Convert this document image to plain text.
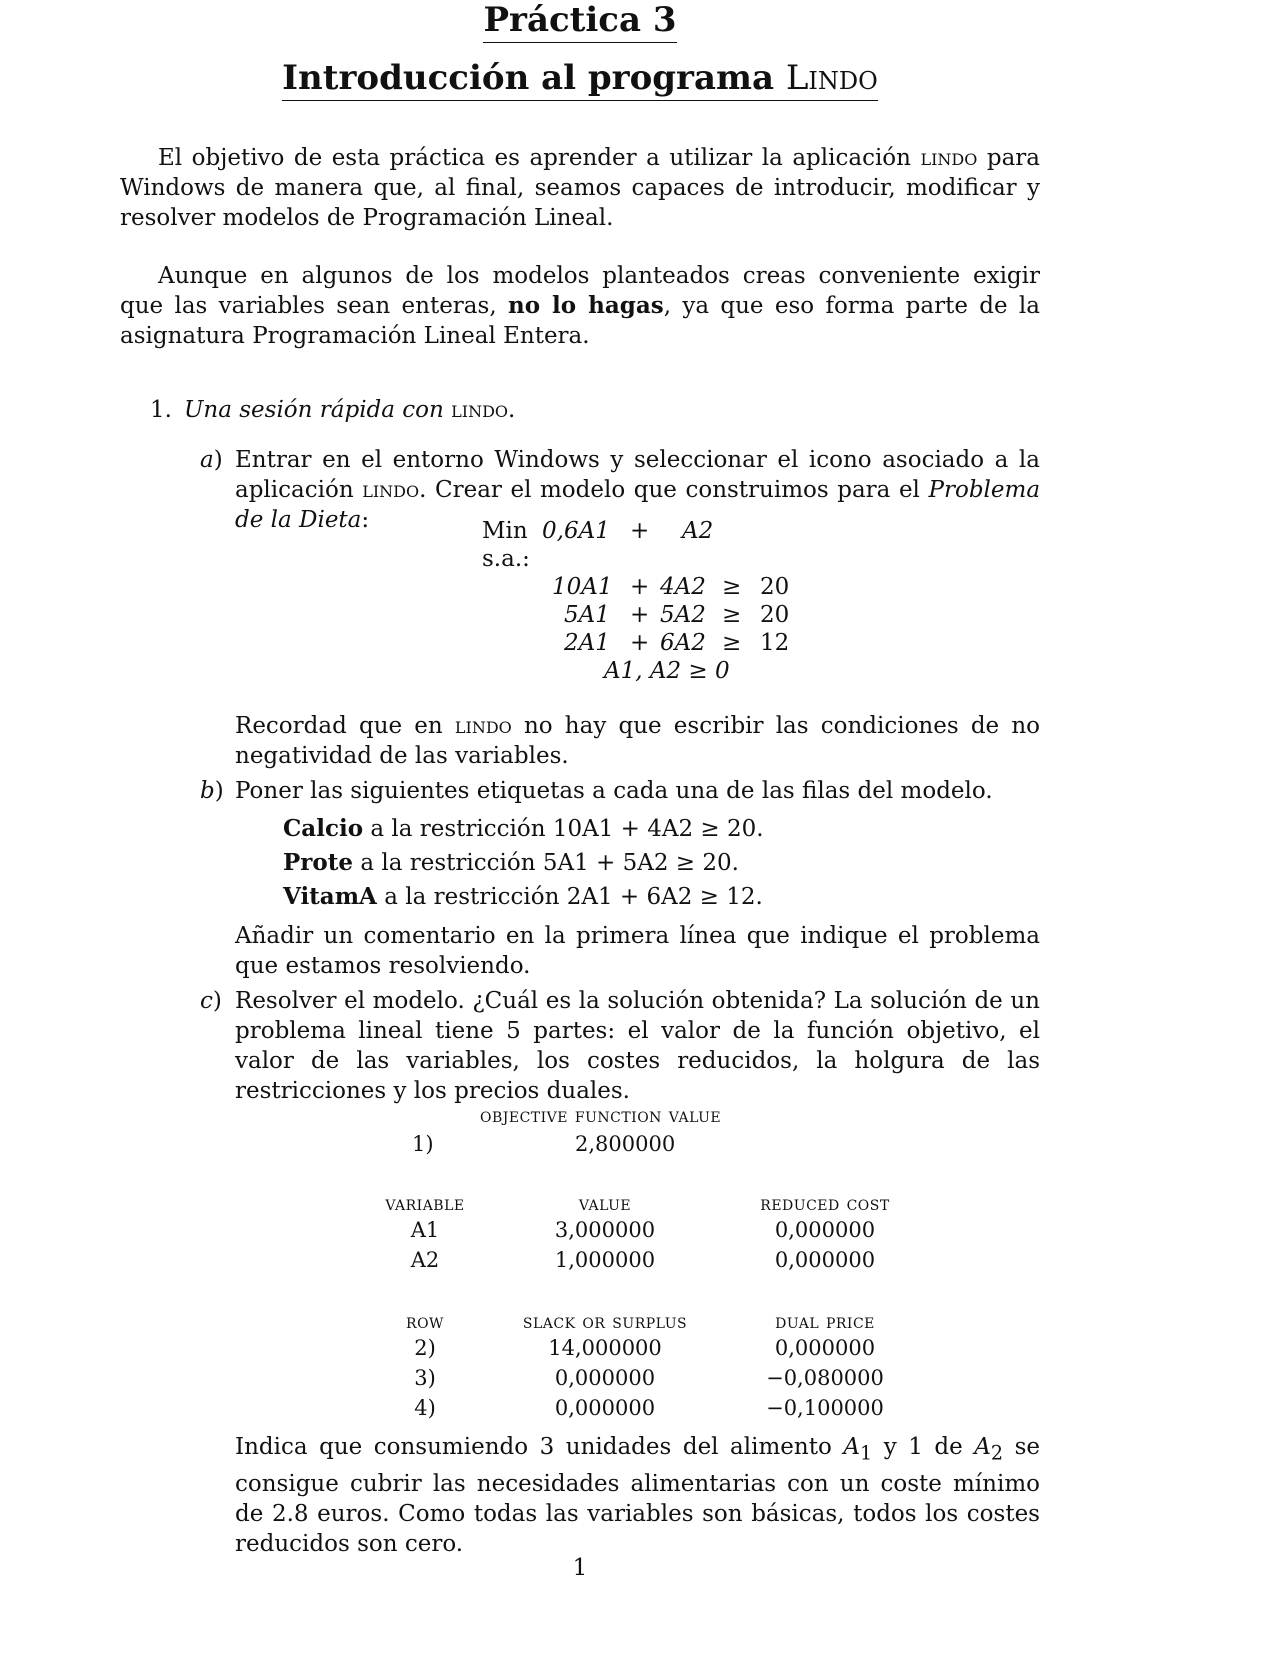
Práctica 3
Introducción al programa Lindo

El objetivo de esta práctica es aprender a utilizar la aplicación lindo para Windows de manera que, al final, seamos capaces de introducir, modificar y resolver modelos de Programación Lineal.

Aunque en algunos de los modelos planteados creas conveniente exigir que las variables sean enteras, no lo hagas, ya que eso forma parte de la asignatura Programación Lineal Entera.

1. Una sesión rápida con lindo.
a) Entrar en el entorno Windows y seleccionar el icono asociado a la aplicación lindo. Crear el modelo que construimos para el Problema de la Dieta:	Min 0,6A1 + A2
s.a.:
10A1 + 4A2 ≥ 20
5A1 + 5A2 ≥ 20
2A1 + 6A2 ≥ 12
A1, A2 ≥ 0
Recordad que en lindo no hay que escribir las condiciones de no negatividad de las variables.
b) Poner las siguientes etiquetas a cada una de las filas del modelo.
Calcio a la restricción 10A1 + 4A2 ≥ 20.
Prote a la restricción 5A1 + 5A2 ≥ 20.
VitamA a la restricción 2A1 + 6A2 ≥ 12.
Añadir un comentario en la primera línea que indique el problema que estamos resolviendo.
c) Resolver el modelo. ¿Cuál es la solución obtenida? La solución de un problema lineal tiene 5 partes: el valor de la función objetivo, el valor de las variables, los costes reducidos, la holgura de las restricciones y los precios duales.
objective function value
1)	2,800000
variable	value	reduced cost
A1	3,000000	0,000000
A2	1,000000	0,000000
row	slack or surplus	dual price
2)	14,000000	0,000000
3)	0,000000	−0,080000
4)	0,000000	−0,100000
Indica que consumiendo 3 unidades del alimento $A_1$ y 1 de $A_2$ se consigue cubrir las necesidades alimentarias con un coste mínimo de 2.8 euros. Como todas las variables son básicas, todos los costes reducidos son cero.
1
